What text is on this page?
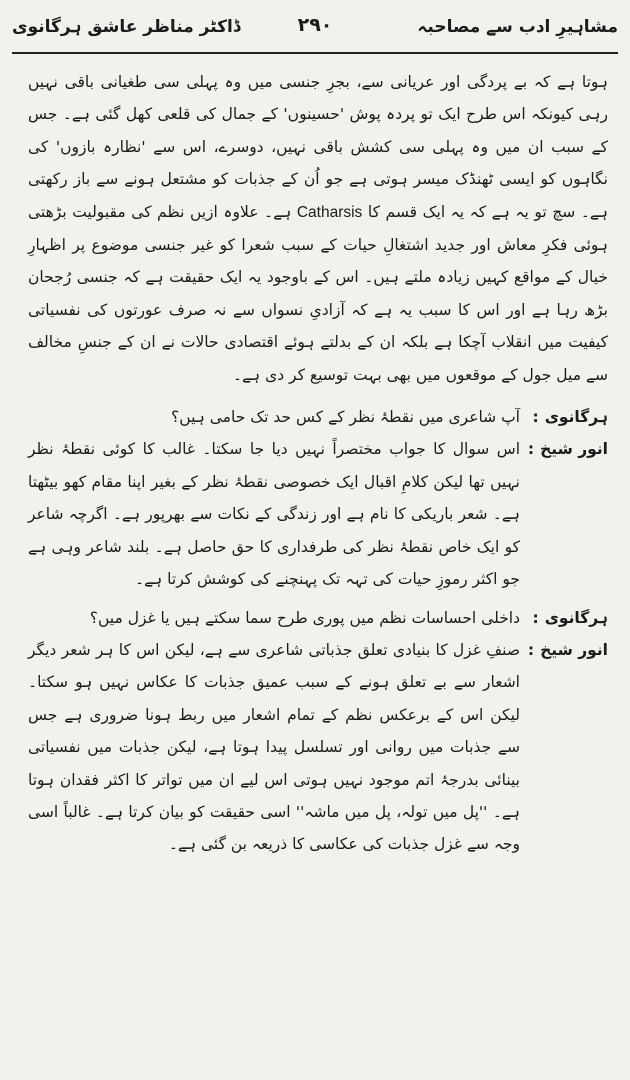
مشاہیرِ ادب سے مصاحبہ
۲۹۰
ڈاکٹر مناظر عاشق ہرگانوی

ہوتا ہے کہ بے پردگی اور عریانی سے، بجرِ جنسی میں وہ پہلی سی طغیانی باقی نہیں رہی کیونکہ اس طرح ایک تو پردہ پوش 'حسینوں' کے جمال کی قلعی کھل گئی ہے۔ جس کے سبب ان میں وہ پہلی سی کشش باقی نہیں، دوسرے، اس سے 'نظارہ بازوں' کی نگاہوں کو ایسی ٹھنڈک میسر ہوتی ہے جو اُن کے جذبات کو مشتعل ہونے سے باز رکھتی ہے۔ سچ تو یہ ہے کہ یہ ایک قسم کا Catharsis ہے۔ علاوہ ازیں نظم کی مقبولیت بڑھتی ہوئی فکرِ معاش اور جدید اشتغالِ حیات کے سبب شعرا کو غیر جنسی موضوع پر اظہارِ خیال کے مواقع کہیں زیادہ ملتے ہیں۔ اس کے باوجود یہ ایک حقیقت ہے کہ جنسی رُجحان بڑھ رہا ہے اور اس کا سبب یہ ہے کہ آزادیِ نسواں سے نہ صرف عورتوں کی نفسیاتی کیفیت میں انقلاب آچکا ہے بلکہ ان کے بدلتے ہوئے اقتصادی حالات نے ان کے جنسِ مخالف سے میل جول کے موقعوں میں بھی بہت توسیع کر دی ہے۔

ہرگانوی:
آپ شاعری میں نقطۂ نظر کے کس حد تک حامی ہیں؟
انور شیخ:
اس سوال کا جواب مختصراً نہیں دیا جا سکتا۔ غالب کا کوئی نقطۂ نظر نہیں تھا لیکن کلامِ اقبال ایک خصوصی نقطۂ نظر کے بغیر اپنا مقام کھو بیٹھتا ہے۔ شعر باریکی کا نام ہے اور زندگی کے نکات سے بھرپور ہے۔ اگرچہ شاعر کو ایک خاص نقطۂ نظر کی طرفداری کا حق حاصل ہے۔ بلند شاعر وہی ہے جو اکثر رموزِ حیات کی تہہ تک پہنچنے کی کوشش کرتا ہے۔
ہرگانوی:
داخلی احساسات نظم میں پوری طرح سما سکتے ہیں یا غزل میں؟
انور شیخ:
صنفِ غزل کا بنیادی تعلق جذباتی شاعری سے ہے، لیکن اس کا ہر شعر دیگر اشعار سے بے تعلق ہونے کے سبب عمیق جذبات کا عکاس نہیں ہو سکتا۔ لیکن اس کے برعکس نظم کے تمام اشعار میں ربط ہونا ضروری ہے جس سے جذبات میں روانی اور تسلسل پیدا ہوتا ہے، لیکن جذبات میں نفسیاتی بینائی بدرجۂ اتم موجود نہیں ہوتی اس لیے ان میں تواتر کا اکثر فقدان ہوتا ہے۔ ''پل میں تولہ، پل میں ماشہ'' اسی حقیقت کو بیان کرتا ہے۔ غالباً اسی وجہ سے غزل جذبات کی عکاسی کا ذریعہ بن گئی ہے۔
